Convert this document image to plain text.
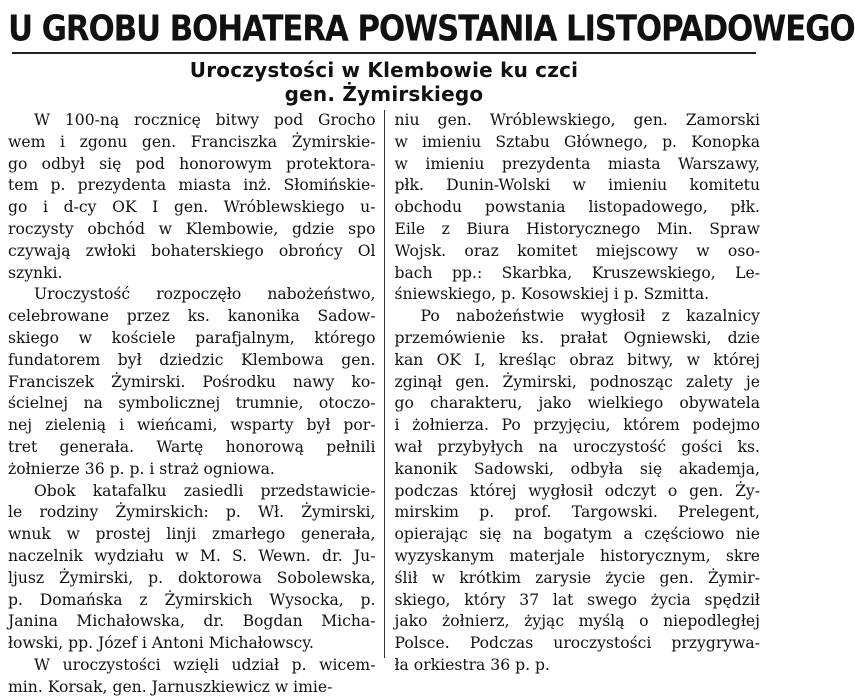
U GROBU BOHATERA POWSTANIA LISTOPADOWEGO
Uroczystości w Klembowie ku czci
gen. Żymirskiego

W 100-ną rocznicę bitwy pod Grocho
wem i zgonu gen. Franciszka Żymirskie-
go odbył się pod honorowym protektora-
tem p. prezydenta miasta inż. Słomińskie-
go i d-cy OK I gen. Wróblewskiego u-
roczysty obchód w Klembowie, gdzie spo
czywają zwłoki bohaterskiego obrońcy Ol
szynki.

Uroczystość rozpoczęło nabożeństwo,
celebrowane przez ks. kanonika Sadow-
skiego w kościele parafjalnym, którego
fundatorem był dziedzic Klembowa gen.
Franciszek Żymirski. Pośrodku nawy ko-
ścielnej na symbolicznej trumnie, otoczo-
nej zielenią i wieńcami, wsparty był por-
tret generała. Wartę honorową pełnili
żołnierze 36 p. p. i straż ogniowa.

Obok katafalku zasiedli przedstawicie-
le rodziny Żymirskich: p. Wł. Żymirski,
wnuk w prostej linji zmarłego generała,
naczelnik wydziału w M. S. Wewn. dr. Ju-
ljusz Żymirski, p. doktorowa Sobolewska,
p. Domańska z Żymirskich Wysocka, p.
Janina Michałowska, dr. Bogdan Micha-
łowski, pp. Józef i Antoni Michałowscy.

W uroczystości wzięli udział p. wicem-
min. Korsak, gen. Jarnuszkiewicz w imie-

niu gen. Wróblewskiego, gen. Zamorski
w imieniu Sztabu Głównego, p. Konopka
w imieniu prezydenta miasta Warszawy,
płk. Dunin-Wolski w imieniu komitetu
obchodu powstania listopadowego, płk.
Eile z Biura Historycznego Min. Spraw
Wojsk. oraz komitet miejscowy w oso-
bach pp.: Skarbka, Kruszewskiego, Le-
śniewskiego, p. Kosowskiej i p. Szmitta.

Po nabożeństwie wygłosił z kazalnicy
przemówienie ks. prałat Ogniewski, dzie
kan OK I, kreśląc obraz bitwy, w której
zginął gen. Żymirski, podnosząc zalety je
go charakteru, jako wielkiego obywatela
i żołnierza. Po przyjęciu, którem podejmo
wał przybyłych na uroczystość gości ks.
kanonik Sadowski, odbyła się akademja,
podczas której wygłosił odczyt o gen. Ży-
mirskim p. prof. Targowski. Prelegent,
opierając się na bogatym a częściowo nie
wyzyskanym materjale historycznym, skre
ślił w krótkim zarysie życie gen. Żymir-
skiego, który 37 lat swego życia spędził
jako żołnierz, żyjąc myślą o niepodległej
Polsce. Podczas uroczystości przygrywa-
ła orkiestra 36 p. p.
